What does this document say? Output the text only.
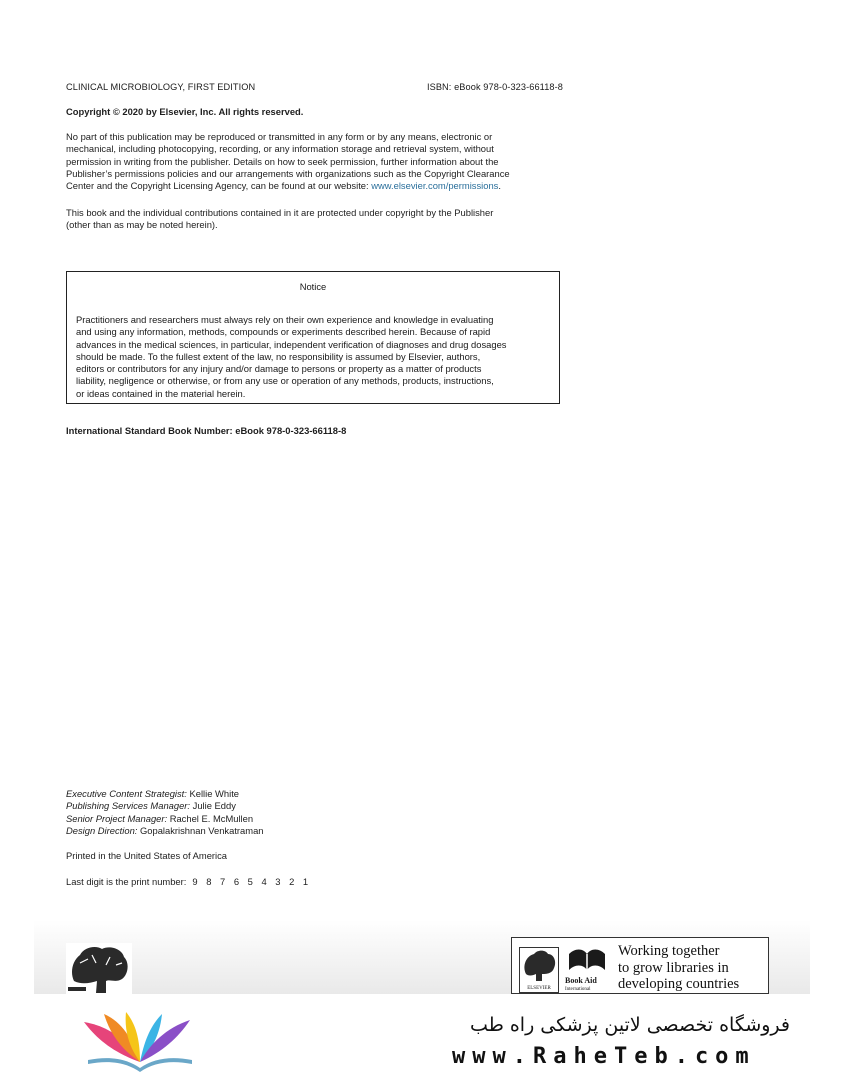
CLINICAL MICROBIOLOGY, FIRST EDITION	ISBN: eBook 978-0-323-66118-8
Copyright © 2020 by Elsevier, Inc. All rights reserved.
No part of this publication may be reproduced or transmitted in any form or by any means, electronic or
mechanical, including photocopying, recording, or any information storage and retrieval system, without
permission in writing from the publisher. Details on how to seek permission, further information about the
Publisher’s permissions policies and our arrangements with organizations such as the Copyright Clearance
Center and the Copyright Licensing Agency, can be found at our website: www.elsevier.com/permissions.
This book and the individual contributions contained in it are protected under copyright by the Publisher
(other than as may be noted herein).
Notice
Practitioners and researchers must always rely on their own experience and knowledge in evaluating
and using any information, methods, compounds or experiments described herein. Because of rapid
advances in the medical sciences, in particular, independent verification of diagnoses and drug dosages
should be made. To the fullest extent of the law, no responsibility is assumed by Elsevier, authors,
editors or contributors for any injury and/or damage to persons or property as a matter of products
liability, negligence or otherwise, or from any use or operation of any methods, products, instructions,
or ideas contained in the material herein.
International Standard Book Number: eBook 978-0-323-66118-8
Executive Content Strategist: Kellie White
Publishing Services Manager: Julie Eddy
Senior Project Manager: Rachel E. McMullen
Design Direction: Gopalakrishnan Venkatraman
Printed in the United States of America
Last digit is the print number: 9 8 7 6 5 4 3 2 1
ELSEVIER
Book Aid
International
Working together
to grow libraries in
developing countries
فروشگاه تخصصی لاتین پزشکی راه طب
www.RaheTeb.com
